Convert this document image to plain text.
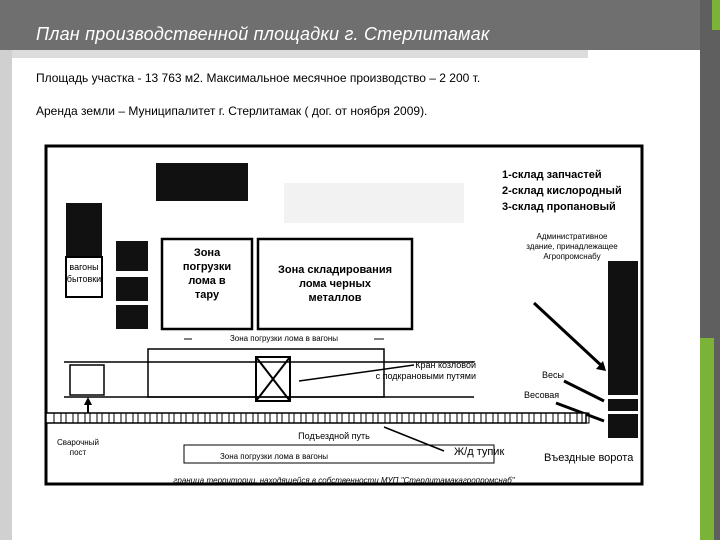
План производственной площадки г. Стерлитамак
Площадь участка - 13 763 м2. Максимальное месячное производство – 2 200 т.
Аренда земли – Муниципалитет г. Стерлитамак ( дог. от ноября 2009).
вагоны
бытовки
Зона
погрузки
лома в
тару
Зона складирования
лома черных
металлов
1-склад запчастей
2-склад кислородный
3-склад пропановый
Административное
здание, принадлежащее
Агропромснабу
Весы
Весовая
Зона погрузки лома в вагоны
Кран козловой
с подкрановыми путями
Сварочный
пост
Подъездной путь
Зона погрузки лома в вагоны	Ж/д тупик	Въездные ворота
граница территории, находящейся в собственности МУП "Стерлитамакагропромснаб"
